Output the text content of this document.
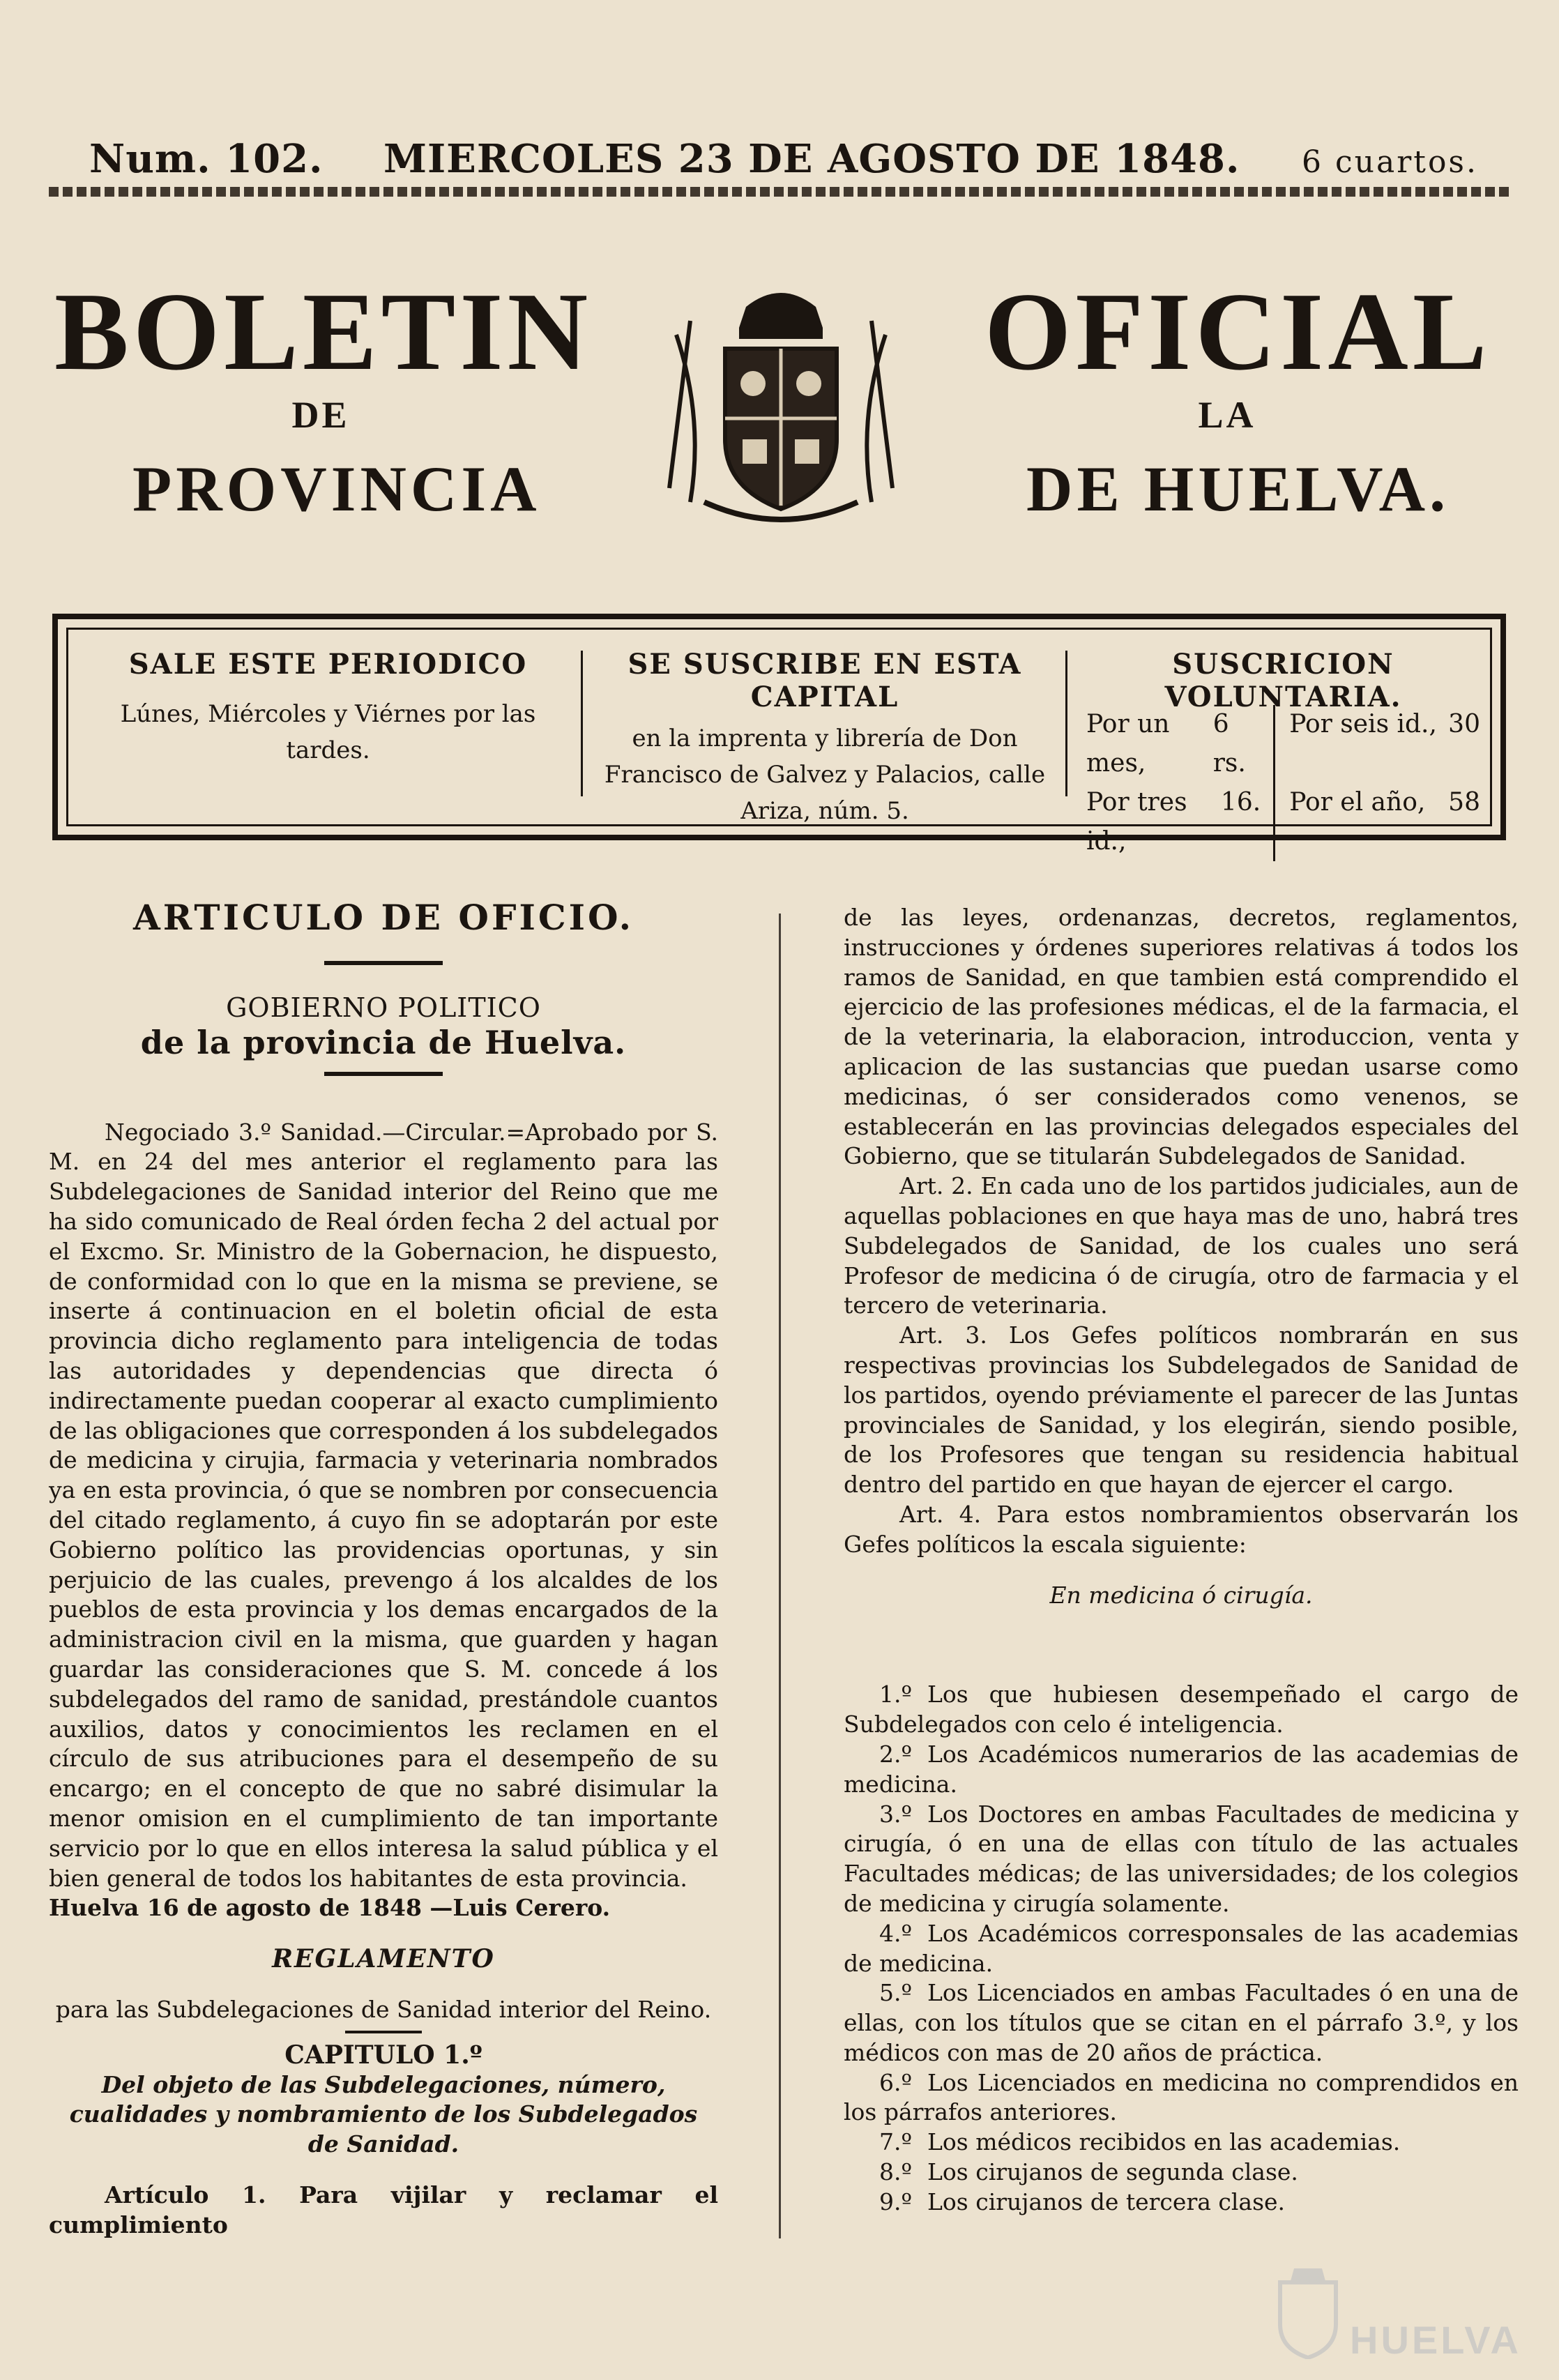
Num. 102. MIERCOLES 23 DE AGOSTO DE 1848. 6 cuartos.
BOLETIN
DE
PROVINCIA
OFICIAL
LA
DE HUELVA.
SALE ESTE PERIODICO

Lúnes, Miércoles y Viérnes por las tardes.

SE SUSCRIBE EN ESTA CAPITAL

en la imprenta y librería de Don Francisco de Galvez y Palacios, calle Ariza, núm. 5.

SUSCRICION VOLUNTARIA.
Por un mes,
6 rs.
Por seis id., 30
Por tres id.,
16. Por el año, 58
ARTICULO DE OFICIO.

GOBIERNO POLITICO

de la provincia de Huelva.

Negociado 3.º Sanidad.—Circular.=Aprobado por S. M. en 24 del mes anterior el reglamento para las Subdelegaciones de Sanidad interior del Reino que me ha sido comunicado de Real órden fecha 2 del actual por el Excmo. Sr. Ministro de la Gobernacion, he dispuesto, de conformidad con lo que en la misma se previene, se inserte á continuacion en el boletin oficial de esta provincia dicho reglamento para inteligencia de todas las autoridades y dependencias que directa ó indirectamente puedan cooperar al exacto cumplimiento de las obligaciones que corresponden á los subdelegados de medicina y cirujia, farmacia y veterinaria nombrados ya en esta provincia, ó que se nombren por consecuencia del citado reglamento, á cuyo fin se adoptarán por este Gobierno político las providencias oportunas, y sin perjuicio de las cuales, prevengo á los alcaldes de los pueblos de esta provincia y los demas encargados de la administracion civil en la misma, que guarden y hagan guardar las consideraciones que S. M. concede á los subdelegados del ramo de sanidad, prestándole cuantos auxilios, datos y conocimientos les reclamen en el círculo de sus atribuciones para el desempeño de su encargo; en el concepto de que no sabré disimular la menor omision en el cumplimiento de tan importante servicio por lo que en ellos interesa la salud pública y el bien general de todos los habitantes de esta provincia.

Huelva 16 de agosto de 1848 —Luis Cerero.

REGLAMENTO

para las Subdelegaciones de Sanidad interior del Reino.

CAPITULO 1.º

Del objeto de las Subdelegaciones, número, cualidades y nombramiento de los Subdelegados de Sanidad.

Artículo 1. Para vijilar y reclamar el cumplimiento

de las leyes, ordenanzas, decretos, reglamentos, instrucciones y órdenes superiores relativas á todos los ramos de Sanidad, en que tambien está comprendido el ejercicio de las profesiones médicas, el de la farmacia, el de la veterinaria, la elaboracion, introduccion, venta y aplicacion de las sustancias que puedan usarse como medicinas, ó ser considerados como venenos, se establecerán en las provincias delegados especiales del Gobierno, que se titularán Subdelegados de Sanidad.

Art. 2. En cada uno de los partidos judiciales, aun de aquellas poblaciones en que haya mas de uno, habrá tres Subdelegados de Sanidad, de los cuales uno será Profesor de medicina ó de cirugía, otro de farmacia y el tercero de veterinaria.

Art. 3. Los Gefes políticos nombrarán en sus respectivas provincias los Subdelegados de Sanidad de los partidos, oyendo préviamente el parecer de las Juntas provinciales de Sanidad, y los elegirán, siendo posible, de los Profesores que tengan su residencia habitual dentro del partido en que hayan de ejercer el cargo.

Art. 4. Para estos nombramientos observarán los Gefes políticos la escala siguiente:

En medicina ó cirugía.

1.º Los que hubiesen desempeñado el cargo de Subdelegados con celo é inteligencia.

2.º Los Académicos numerarios de las academias de medicina.

3.º Los Doctores en ambas Facultades de medicina y cirugía, ó en una de ellas con título de las actuales Facultades médicas; de las universidades; de los colegios de medicina y cirugía solamente.

4.º Los Académicos corresponsales de las academias de medicina.

5.º Los Licenciados en ambas Facultades ó en una de ellas, con los títulos que se citan en el párrafo 3.º, y los médicos con mas de 20 años de práctica.

6.º Los Licenciados en medicina no comprendidos en los párrafos anteriores.

7.º Los médicos recibidos en las academias.

8.º Los cirujanos de segunda clase.

9.º Los cirujanos de tercera clase.

HUELVA
